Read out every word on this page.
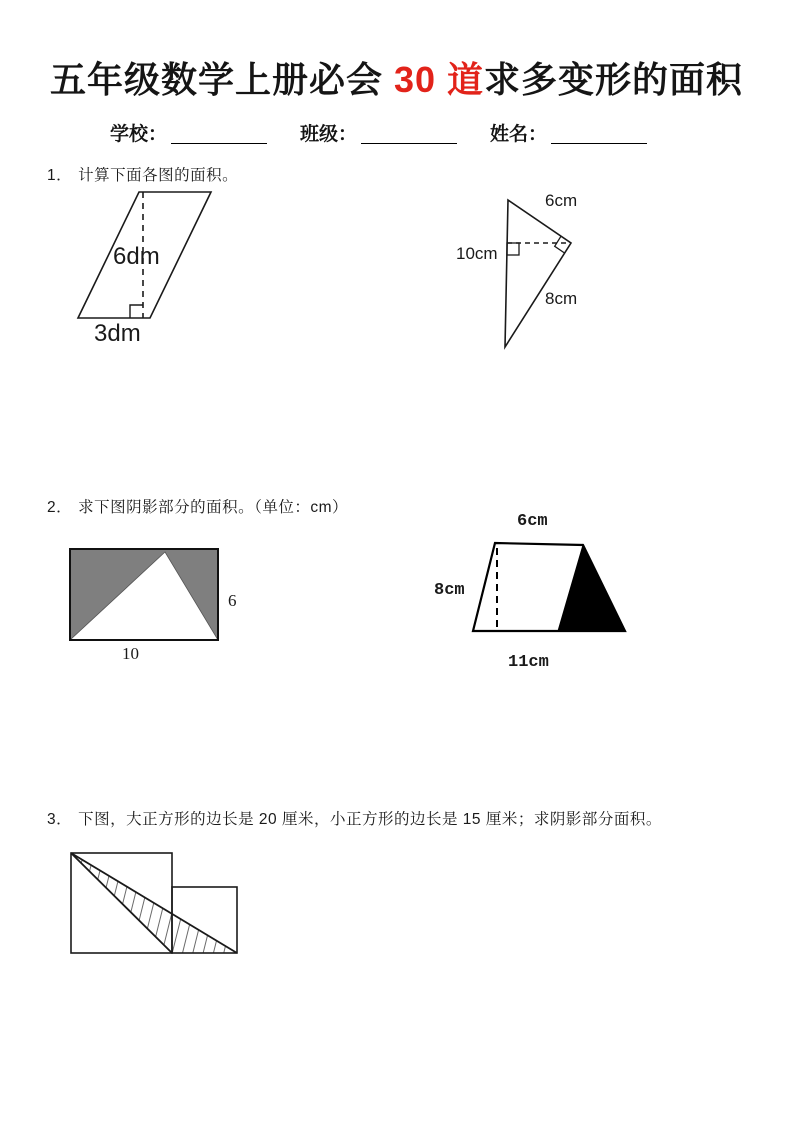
五年级数学上册必会 30 道求多变形的面积
学校：	班级：	姓名：
1． 计算下面各图的面积。
6dm
3dm
6cm
10cm
8cm
2． 求下图阴影部分的面积。（单位：cm）
6
10
6cm
8cm
11cm
3． 下图，大正方形的边长是 20 厘米，小正方形的边长是 15 厘米；求阴影部分面积。
